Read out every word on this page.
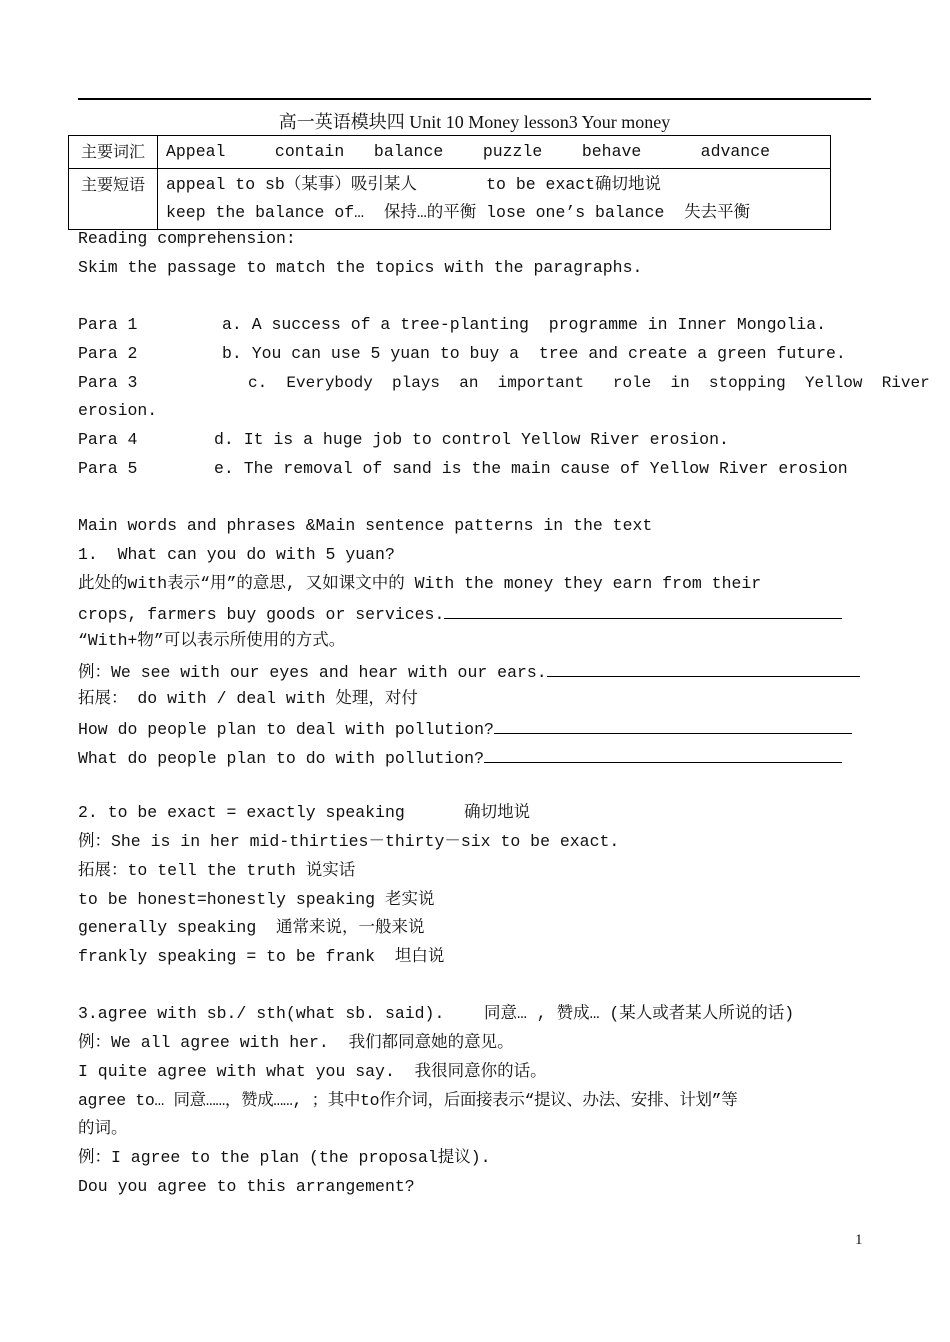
高一英语模块四 Unit 10 Money lesson3 Your money
主要词汇	Appeal     contain   balance    puzzle    behave      advance
主要短语	appeal to sb（某事）吸引某人       to be exact确切地说
keep the balance of…  保持…的平衡 lose one’s balance  失去平衡
Reading comprehension:
Skim the passage to match the topics with the paragraphs.
Para 1	a. A success of a tree-planting  programme in Inner Mongolia.
Para 2	b. You can use 5 yuan to buy a  tree and create a green future.
Para 3	c.  Everybody  plays  an  important   role  in  stopping  Yellow  River
erosion.
Para 4	d. It is a huge job to control Yellow River erosion.
Para 5	e. The removal of sand is the main cause of Yellow River erosion
Main words and phrases &Main sentence patterns in the text
1.  What can you do with 5 yuan?
此处的with表示“用”的意思, 又如课文中的 With the money they earn from their
crops, farmers buy goods or services.
“With+物”可以表示所使用的方式。
例：We see with our eyes and hear with our ears.
拓展： do with / deal with 处理，对付
How do people plan to deal with pollution?
What do people plan to do with pollution?
2. to be exact = exactly speaking      确切地说
例：She is in her mid-thirties－thirty－six to be exact.
拓展：to tell the truth 说实话
to be honest=honestly speaking 老实说
generally speaking  通常来说，一般来说
frankly speaking = to be frank  坦白说
3.agree with sb./ sth(what sb. said).    同意… , 赞成… (某人或者某人所说的话)
例：We all agree with her.  我们都同意她的意见。
I quite agree with what you say.  我很同意你的话。
agree to… 同意……，赞成……, ；其中to作介词，后面接表示“提议、办法、安排、计划”等
的词。
例：I agree to the plan (the proposal提议).
Dou you agree to this arrangement?
1
